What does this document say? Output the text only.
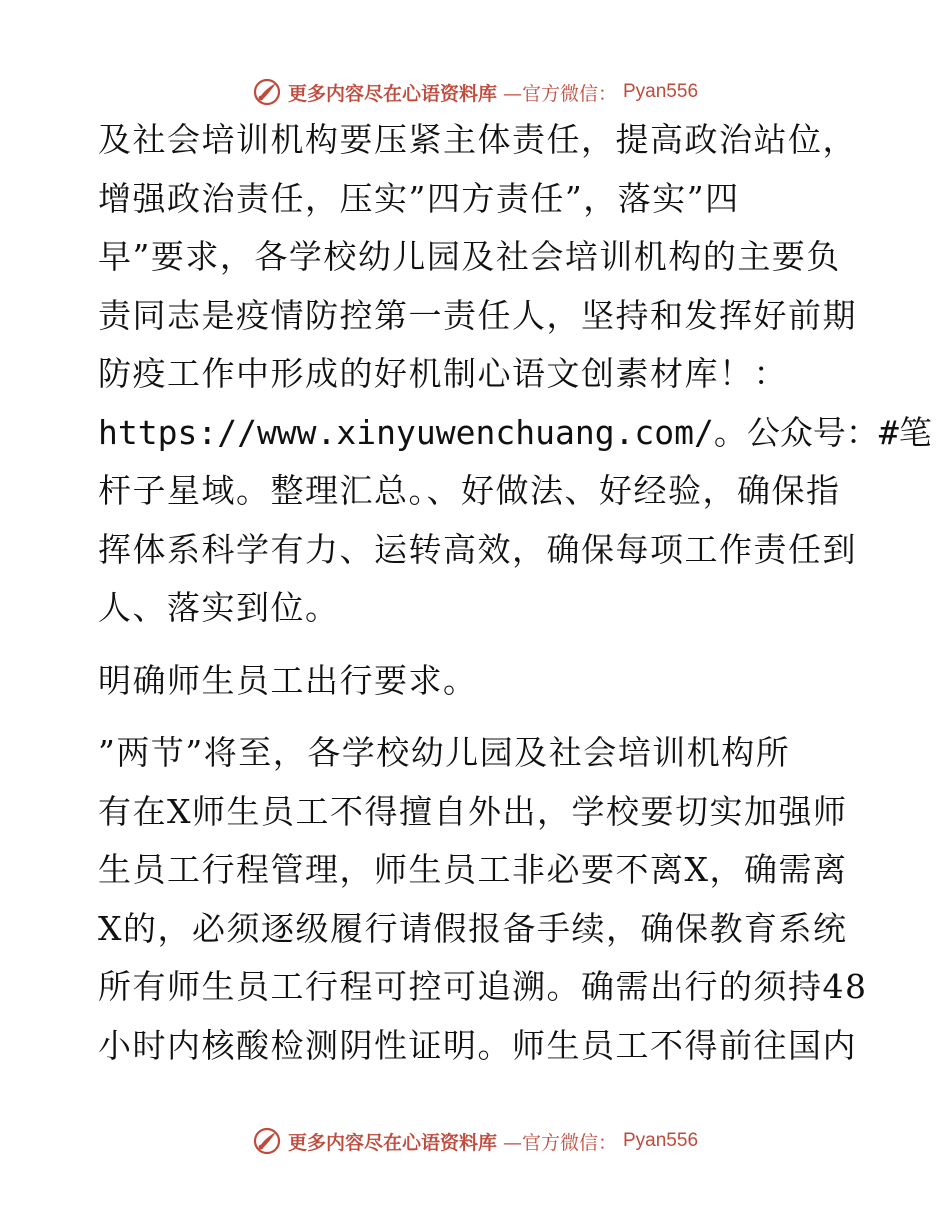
更多内容尽在心语资料库 —官方微信： Pyan556
及社会培训机构要压紧主体责任，提高政治站位，
增强政治责任，压实”四方责任”，落实”四
早”要求，各学校幼儿园及社会培训机构的主要负
责同志是疫情防控第一责任人，坚持和发挥好前期
防疫工作中形成的好机制心语文创素材库！：
https://www.xinyuwenchuang.com/。公众号：#笔
杆子星域。整理汇总。、好做法、好经验，确保指
挥体系科学有力、运转高效，确保每项工作责任到
人、落实到位。
明确师生员工出行要求。
”两节”将至，各学校幼儿园及社会培训机构所
有在X师生员工不得擅自外出，学校要切实加强师
生员工行程管理，师生员工非必要不离X，确需离
X的，必须逐级履行请假报备手续，确保教育系统
所有师生员工行程可控可追溯。确需出行的须持48
小时内核酸检测阴性证明。师生员工不得前往国内
更多内容尽在心语资料库 —官方微信： Pyan556
